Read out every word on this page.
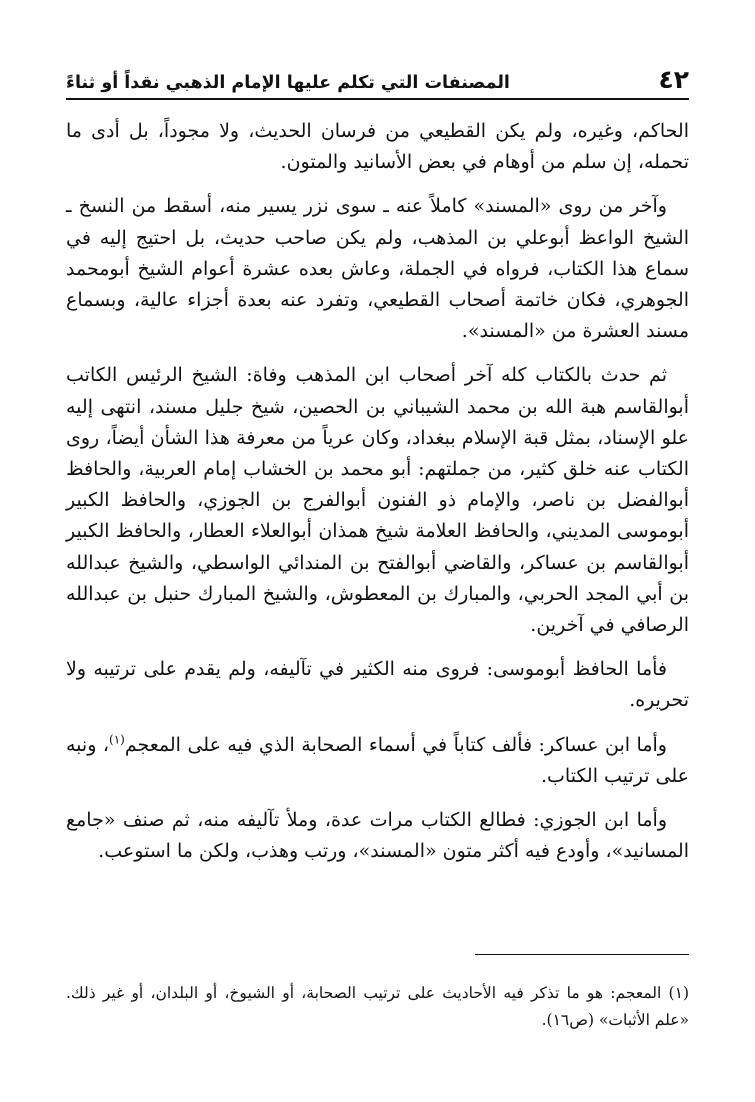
٤٢
المصنفات التي تكلم عليها الإمام الذهبي نقداً أو ثناءً

الحاكم، وغيره، ولم يكن القطيعي من فرسان الحديث، ولا مجوداً، بل أدى ما تحمله، إن سلم من أوهام في بعض الأسانيد والمتون.

وآخر من روى «المسند» كاملاً عنه ـ سوى نزر يسير منه، أسقط من النسخ ـ الشيخ الواعظ أبوعلي بن المذهب، ولم يكن صاحب حديث، بل احتيج إليه في سماع هذا الكتاب، فرواه في الجملة، وعاش بعده عشرة أعوام الشيخ أبومحمد الجوهري، فكان خاتمة أصحاب القطيعي، وتفرد عنه بعدة أجزاء عالية، وبسماع مسند العشرة من «المسند».

ثم حدث بالكتاب كله آخر أصحاب ابن المذهب وفاة: الشيخ الرئيس الكاتب أبوالقاسم هبة الله بن محمد الشيباني بن الحصين، شيخ جليل مسند، انتهى إليه علو الإسناد، بمثل قبة الإسلام ببغداد، وكان عرياً من معرفة هذا الشأن أيضاً، روى الكتاب عنه خلق كثير، من جملتهم: أبو محمد بن الخشاب إمام العربية، والحافظ أبوالفضل بن ناصر، والإمام ذو الفنون أبوالفرج بن الجوزي، والحافظ الكبير أبوموسى المديني، والحافظ العلامة شيخ همذان أبوالعلاء العطار، والحافظ الكبير أبوالقاسم بن عساكر، والقاضي أبوالفتح بن المندائي الواسطي، والشيخ عبدالله بن أبي المجد الحربي، والمبارك بن المعطوش، والشيخ المبارك حنبل بن عبدالله الرصافي في آخرين.

فأما الحافظ أبوموسى: فروى منه الكثير في تآليفه، ولم يقدم على ترتيبه ولا تحريره.

وأما ابن عساكر: فألف كتاباً في أسماء الصحابة الذي فيه على المعجم$^{(١)}$، ونبه على ترتيب الكتاب.

وأما ابن الجوزي: فطالع الكتاب مرات عدة، وملأ تآليفه منه، ثم صنف «جامع المسانيد»، وأودع فيه أكثر متون «المسند»، ورتب وهذب، ولكن ما استوعب.

(١) المعجم: هو ما تذكر فيه الأحاديث على ترتيب الصحابة، أو الشيوخ، أو البلدان، أو غير ذلك. «علم الأثبات» (ص١٦).
